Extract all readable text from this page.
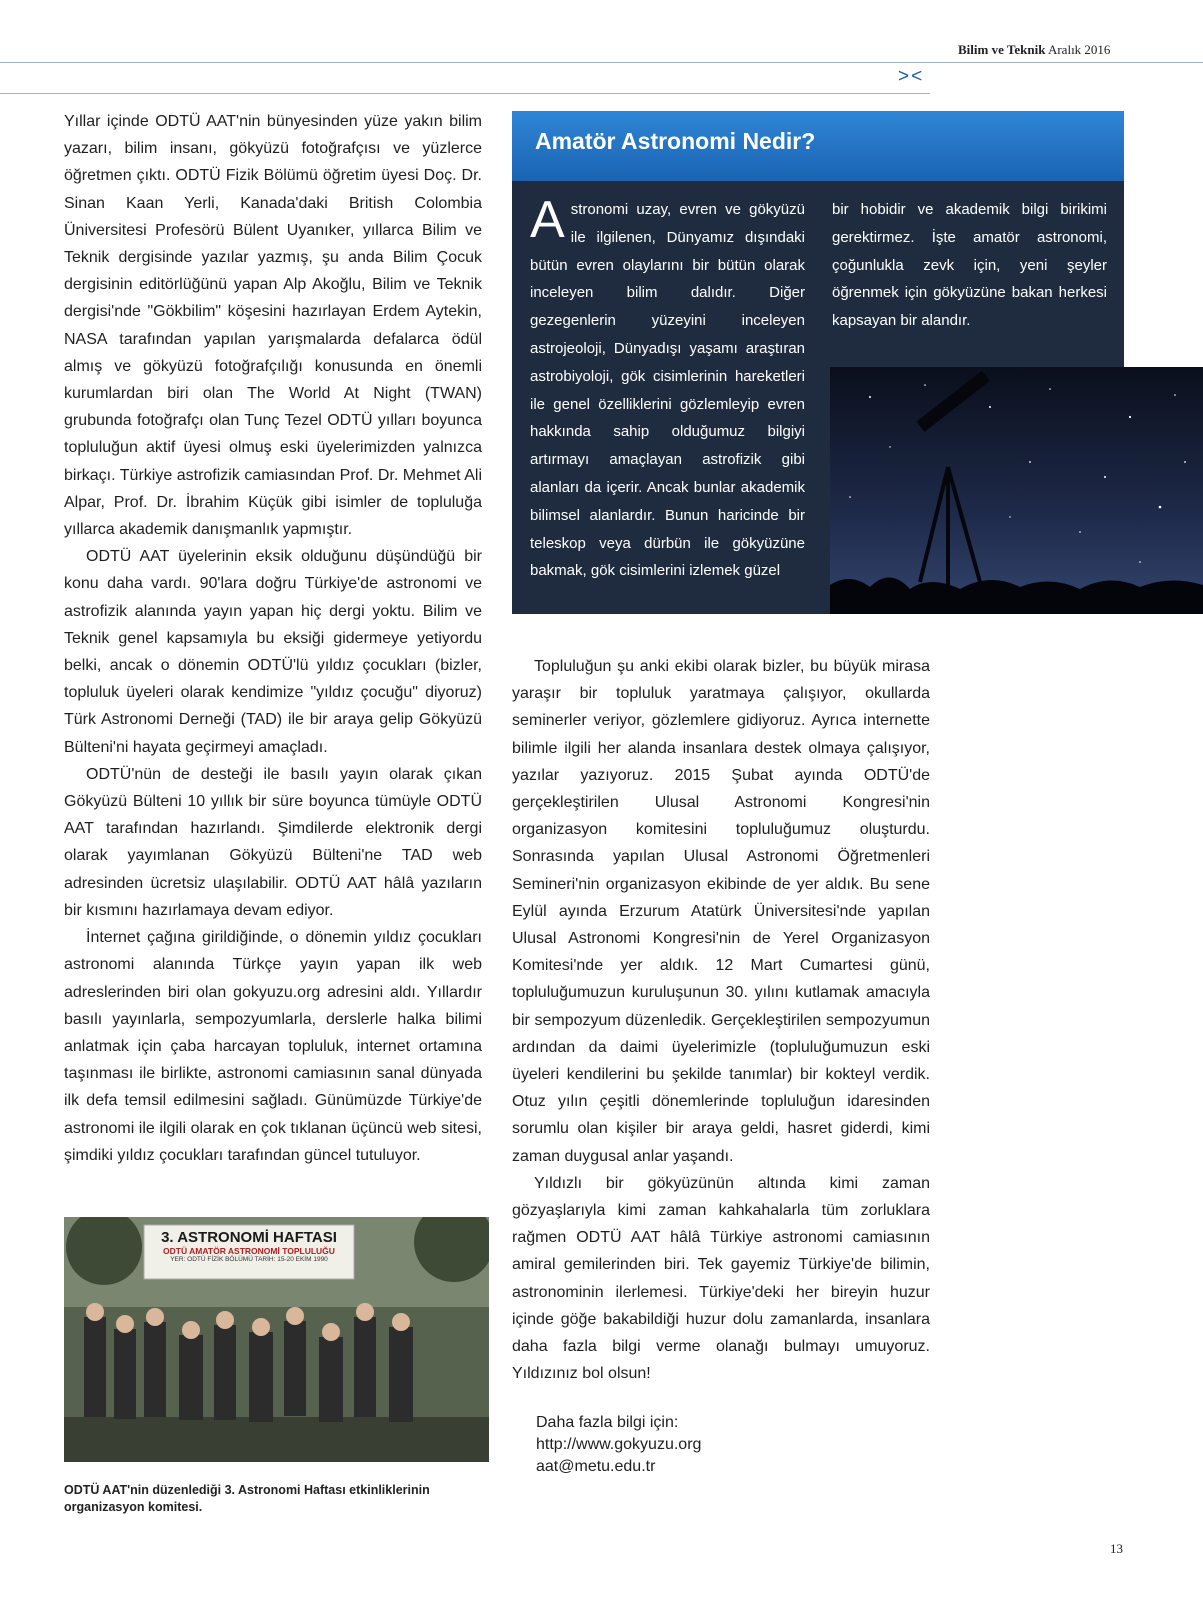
Bilim ve Teknik Aralık 2016
><

Yıllar içinde ODTÜ AAT'nin bünyesinden yüze yakın bilim yazarı, bilim insanı, gökyüzü fotoğrafçısı ve yüzlerce öğretmen çıktı. ODTÜ Fizik Bölümü öğretim üyesi Doç. Dr. Sinan Kaan Yerli, Kanada'daki British Colombia Üniversitesi Profesörü Bülent Uyanıker, yıllarca Bilim ve Teknik dergisinde yazılar yazmış, şu anda Bilim Çocuk dergisinin editörlüğünü yapan Alp Akoğlu, Bilim ve Teknik dergisi'nde "Gökbilim" köşesini hazırlayan Erdem Aytekin, NASA tarafından yapılan yarışmalarda defalarca ödül almış ve gökyüzü fotoğrafçılığı konusunda en önemli kurumlardan biri olan The World At Night (TWAN) grubunda fotoğrafçı olan Tunç Tezel ODTÜ yılları boyunca topluluğun aktif üyesi olmuş eski üyelerimizden yalnızca birkaçı. Türkiye astrofizik camiasından Prof. Dr. Mehmet Ali Alpar, Prof. Dr. İbrahim Küçük gibi isimler de topluluğa yıllarca akademik danışmanlık yapmıştır.

ODTÜ AAT üyelerinin eksik olduğunu düşündüğü bir konu daha vardı. 90'lara doğru Türkiye'de astronomi ve astrofizik alanında yayın yapan hiç dergi yoktu. Bilim ve Teknik genel kapsamıyla bu eksiği gidermeye yetiyordu belki, ancak o dönemin ODTÜ'lü yıldız çocukları (bizler, topluluk üyeleri olarak kendimize "yıldız çocuğu" diyoruz) Türk Astronomi Derneği (TAD) ile bir araya gelip Gökyüzü Bülteni'ni hayata geçirmeyi amaçladı.

ODTÜ'nün de desteği ile basılı yayın olarak çıkan Gökyüzü Bülteni 10 yıllık bir süre boyunca tümüyle ODTÜ AAT tarafından hazırlandı. Şimdilerde elektronik dergi olarak yayımlanan Gökyüzü Bülteni'ne TAD web adresinden ücretsiz ulaşılabilir. ODTÜ AAT hâlâ yazıların bir kısmını hazırlamaya devam ediyor.

İnternet çağına girildiğinde, o dönemin yıldız çocukları astronomi alanında Türkçe yayın yapan ilk web adreslerinden biri olan gokyuzu.org adresini aldı. Yıllardır basılı yayınlarla, sempozyumlarla, derslerle halka bilimi anlatmak için çaba harcayan topluluk, internet ortamına taşınması ile birlikte, astronomi camiasının sanal dünyada ilk defa temsil edilmesini sağladı. Günümüzde Türkiye'de astronomi ile ilgili olarak en çok tıklanan üçüncü web sitesi, şimdiki yıldız çocukları tarafından güncel tutuluyor.

Amatör Astronomi Nedir?
A stronomi uzay, evren ve gökyüzü ile ilgilenen, Dünyamız dışındaki bütün evren olaylarını bir bütün olarak inceleyen bilim dalıdır. Diğer gezegenlerin yüzeyini inceleyen astrojeoloji, Dünyadışı yaşamı araştıran astrobiyoloji, gök cisimlerinin hareketleri ile genel özelliklerini gözlemleyip evren hakkında sahip olduğumuz bilgiyi artırmayı amaçlayan astrofizik gibi alanları da içerir. Ancak bunlar akademik bilimsel alanlardır. Bunun haricinde bir teleskop veya dürbün ile gökyüzüne bakmak, gök cisimlerini izlemek güzel
bir hobidir ve akademik bilgi birikimi gerektirmez. İşte amatör astronomi, çoğunlukla zevk için, yeni şeyler öğrenmek için gökyüzüne bakan herkesi kapsayan bir alandır.

Topluluğun şu anki ekibi olarak bizler, bu büyük mirasa yaraşır bir topluluk yaratmaya çalışıyor, okullarda seminerler veriyor, gözlemlere gidiyoruz. Ayrıca internette bilimle ilgili her alanda insanlara destek olmaya çalışıyor, yazılar yazıyoruz. 2015 Şubat ayında ODTÜ'de gerçekleştirilen Ulusal Astronomi Kongresi'nin organizasyon komitesini topluluğumuz oluşturdu. Sonrasında yapılan Ulusal Astronomi Öğretmenleri Semineri'nin organizasyon ekibinde de yer aldık. Bu sene Eylül ayında Erzurum Atatürk Üniversitesi'nde yapılan Ulusal Astronomi Kongresi'nin de Yerel Organizasyon Komitesi'nde yer aldık. 12 Mart Cumartesi günü, topluluğumuzun kuruluşunun 30. yılını kutlamak amacıyla bir sempozyum düzenledik. Gerçekleştirilen sempozyumun ardından da daimi üyelerimizle (topluluğumuzun eski üyeleri kendilerini bu şekilde tanımlar) bir kokteyl verdik. Otuz yılın çeşitli dönemlerinde topluluğun idaresinden sorumlu olan kişiler bir araya geldi, hasret giderdi, kimi zaman duygusal anlar yaşandı.

Yıldızlı bir gökyüzünün altında kimi zaman gözyaşlarıyla kimi zaman kahkahalarla tüm zorluklara rağmen ODTÜ AAT hâlâ Türkiye astronomi camiasının amiral gemilerinden biri. Tek gayemiz Türkiye'de bilimin, astronominin ilerlemesi. Türkiye'deki her bireyin huzur içinde göğe bakabildiği huzur dolu zamanlarda, insanlara daha fazla bilgi verme olanağı bulmayı umuyoruz. Yıldızınız bol olsun!

Daha fazla bilgi için:
http://www.gokyuzu.org
aat@metu.edu.tr
3. ASTRONOMİ HAFTASI
ODTÜ AMATÖR ASTRONOMİ TOPLULUĞU
YER: ODTÜ FİZİK BÖLÜMÜ TARİH: 15-20 EKİM 1990
ODTÜ AAT'nin düzenlediği 3. Astronomi Haftası etkinliklerinin organizasyon komitesi.
13
